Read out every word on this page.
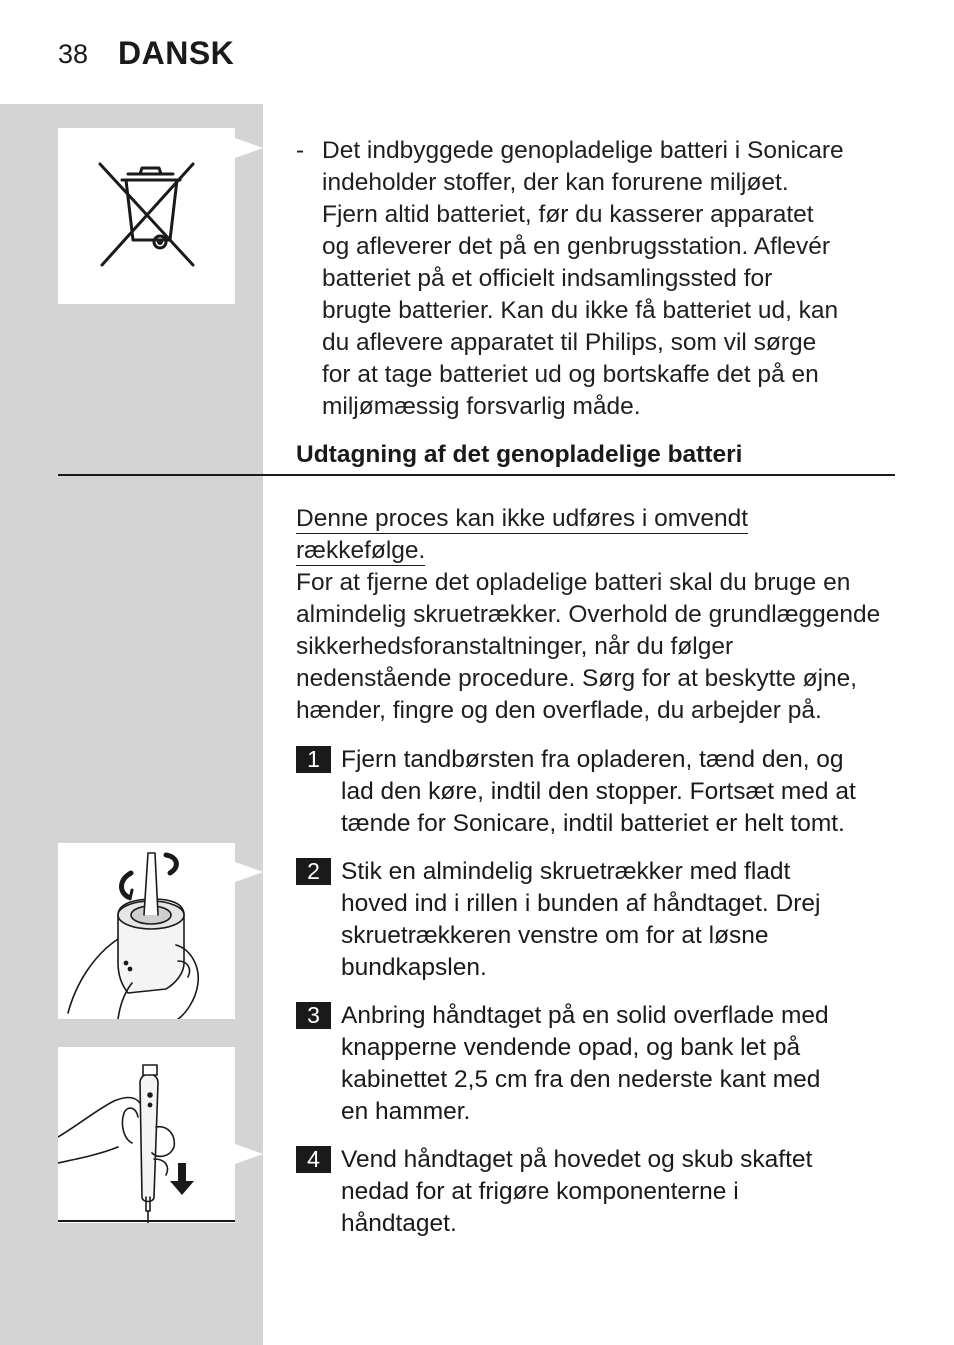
38 DANSK
- Det indbyggede genopladelige batteri i Sonicare
indeholder stoffer, der kan forurene miljøet.
Fjern altid batteriet, før du kasserer apparatet
og afleverer det på en genbrugsstation. Aflevér
batteriet på et officielt indsamlingssted for
brugte batterier. Kan du ikke få batteriet ud, kan
du aflevere apparatet til Philips, som vil sørge
for at tage batteriet ud og bortskaffe det på en
miljømæssig forsvarlig måde.
Udtagning af det genopladelige batteri
Denne proces kan ikke udføres i omvendt
rækkefølge.
For at fjerne det opladelige batteri skal du bruge en
almindelig skruetrækker. Overhold de grundlæggende
sikkerhedsforanstaltninger, når du følger
nedenstående procedure. Sørg for at beskytte øjne,
hænder, fingre og den overflade, du arbejder på.
1 Fjern tandbørsten fra opladeren, tænd den, og
lad den køre, indtil den stopper. Fortsæt med at
tænde for Sonicare, indtil batteriet er helt tomt.
2 Stik en almindelig skruetrækker med fladt
hoved ind i rillen i bunden af håndtaget. Drej
skruetrækkeren venstre om for at løsne
bundkapslen.
3 Anbring håndtaget på en solid overflade med
knapperne vendende opad, og bank let på
kabinettet 2,5 cm fra den nederste kant med
en hammer.
4 Vend håndtaget på hovedet og skub skaftet
nedad for at frigøre komponenterne i
håndtaget.
